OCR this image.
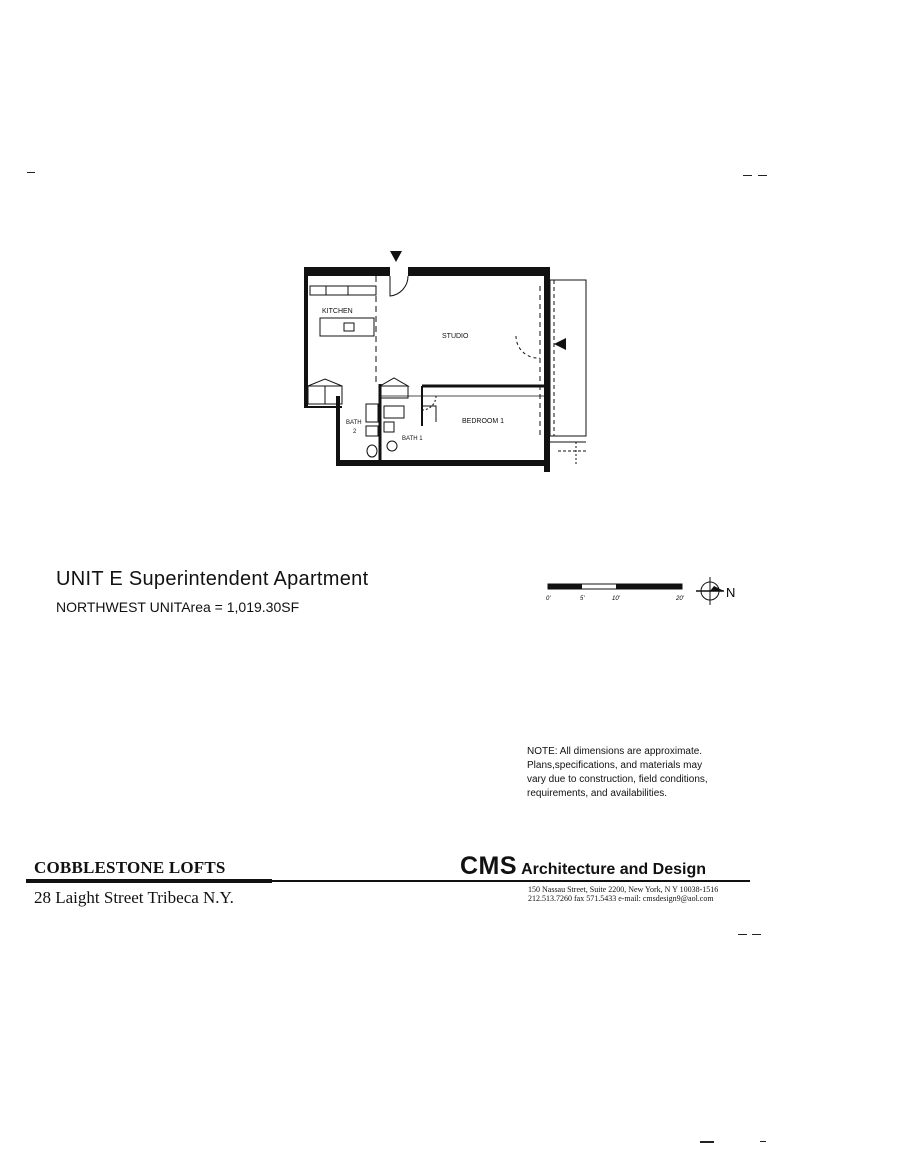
KITCHEN
STUDIO
BEDROOM 1
BATH
2
BATH 1
UNIT E Superintendent Apartment
NORTHWEST UNITArea = 1,019.30SF	0'	5'	10'	20'	N
NOTE: All dimensions are approximate.
Plans,specifications, and materials may
vary due to construction, field conditions,
requirements, and availabilities.
COBBLESTONE LOFTS
28 Laight Street Tribeca N.Y.
CMS Architecture and Design
150 Nassau Street, Suite 2200, New York, N Y 10038-1516
212.513.7260 fax 571.5433 e-mail: cmsdesign9@aol.com
